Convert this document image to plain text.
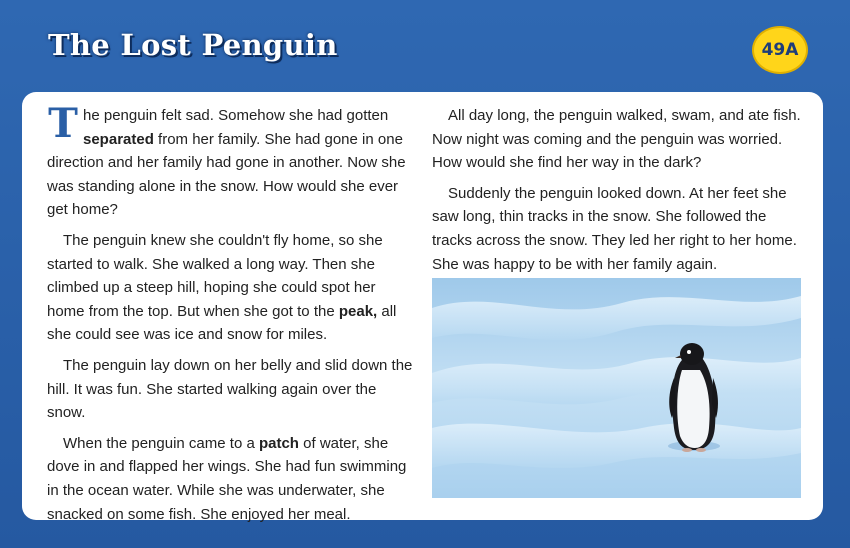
The Lost Penguin	49A

The penguin felt sad. Somehow she had gotten separated from her family. She had gone in one direction and her family had gone in another. Now she was standing alone in the snow. How would she ever get home?

The penguin knew she couldn't fly home, so she started to walk. She walked a long way. Then she climbed up a steep hill, hoping she could spot her home from the top. But when she got to the peak, all she could see was ice and snow for miles.

The penguin lay down on her belly and slid down the hill. It was fun. She started walking again over the snow.

When the penguin came to a patch of water, she dove in and flapped her wings. She had fun swimming in the ocean water. While she was underwater, she snacked on some fish. She enjoyed her meal.

All day long, the penguin walked, swam, and ate fish. Now night was coming and the penguin was worried. How would she find her way in the dark?

Suddenly the penguin looked down. At her feet she saw long, thin tracks in the snow. She followed the tracks across the snow. They led her right to her home. She was happy to be with her family again.
